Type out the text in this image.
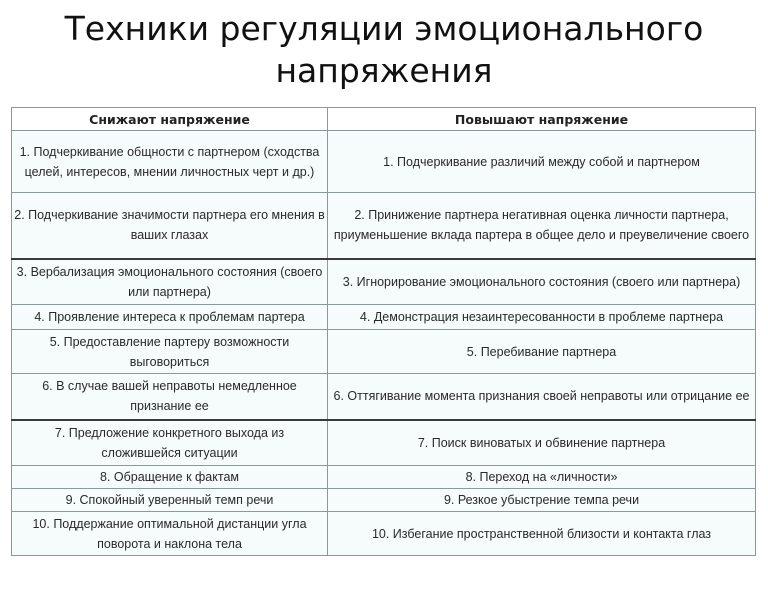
Техники регуляции эмоционального напряжения
Снижают напряжение	Повышают напряжение
1. Подчеркивание общности с партнером (сходства целей, интересов, мнении личностных черт и др.)	1. Подчеркивание различий между собой и партнером
2. Подчеркивание значимости партнера его мнения в ваших глазах	2. Принижение партнера негативная оценка личности партнера, приуменьшение вклада партера в общее дело и преувеличение своего
3. Вербализация эмоционального состояния (своего или партнера)	3. Игнорирование эмоционального состояния (своего или партнера)
4. Проявление интереса к проблемам партера	4. Демонстрация незаинтересованности в проблеме партнера
5. Предоставление партеру возможности выговориться	5. Перебивание партнера
6. В случае вашей неправоты немедленное признание ее	6. Оттягивание момента признания своей неправоты или отрицание ее
7. Предложение конкретного выхода из сложившейся ситуации	7. Поиск виноватых и обвинение партнера
8. Обращение к фактам	8. Переход на «личности»
9. Спокойный уверенный темп речи	9. Резкое убыстрение темпа речи
10. Поддержание оптимальной дистанции угла поворота и наклона тела	10. Избегание пространственной близости и контакта глаз
